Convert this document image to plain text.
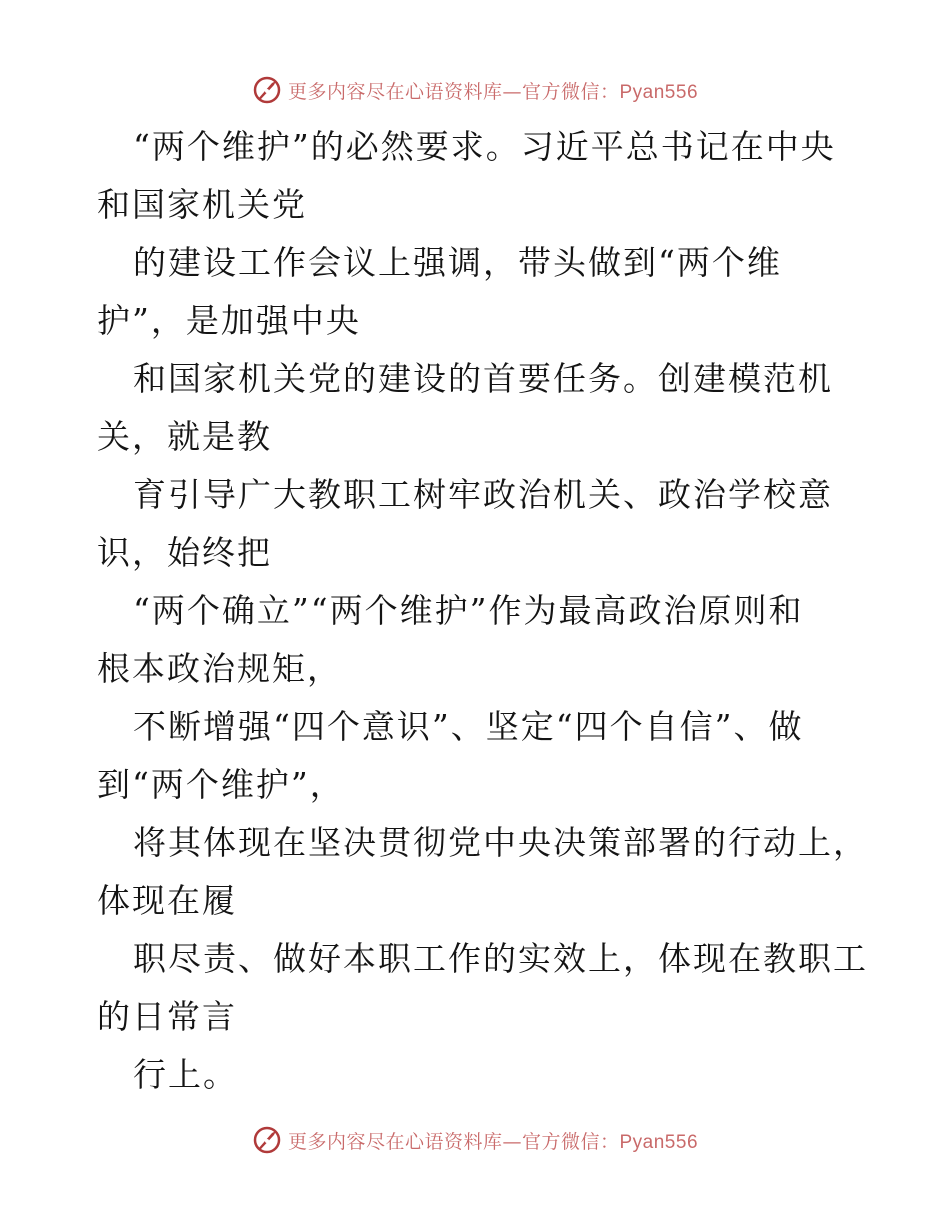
更多内容尽在心语资料库—官方微信：Pyan556

“两个维护”的必然要求。习近平总书记在中央

和国家机关党

的建设工作会议上强调，带头做到“两个维

护”，是加强中央

和国家机关党的建设的首要任务。创建模范机

关，就是教

育引导广大教职工树牢政治机关、政治学校意

识，始终把

“两个确立”“两个维护”作为最高政治原则和

根本政治规矩，

不断增强“四个意识”、坚定“四个自信”、做

到“两个维护”，

将其体现在坚决贯彻党中央决策部署的行动上，

体现在履

职尽责、做好本职工作的实效上，体现在教职工

的日常言

行上。

更多内容尽在心语资料库—官方微信：Pyan556
